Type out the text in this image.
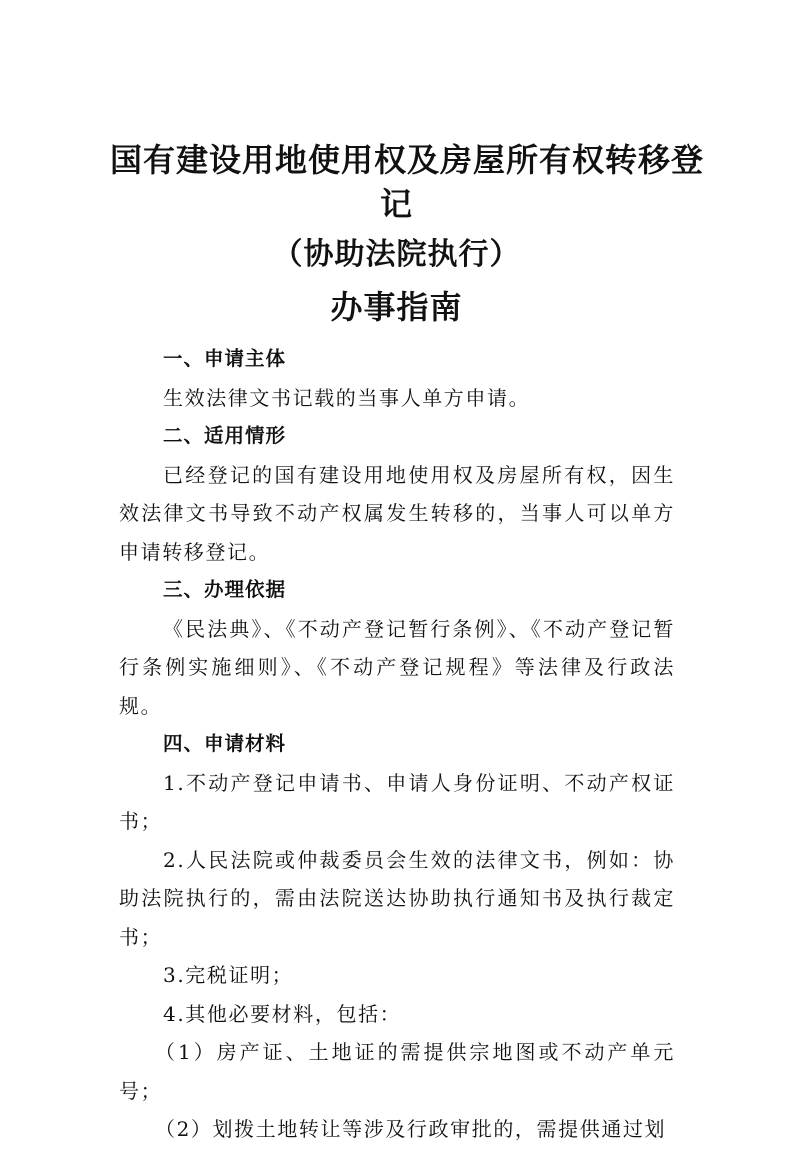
国有建设用地使用权及房屋所有权转移登
记
（协助法院执行）
办事指南

一、申请主体

生效法律文书记载的当事人单方申请。

二、适用情形

已经登记的国有建设用地使用权及房屋所有权，因生效法律文书导致不动产权属发生转移的，当事人可以单方申请转移登记。

三、办理依据

《民法典》、《不动产登记暂行条例》、《不动产登记暂行条例实施细则》、《不动产登记规程》等法律及行政法规。

四、申请材料

1.不动产登记申请书、申请人身份证明、不动产权证书；

2.人民法院或仲裁委员会生效的法律文书，例如：协助法院执行的，需由法院送达协助执行通知书及执行裁定书；

3.完税证明；

4.其他必要材料，包括：

（1）房产证、土地证的需提供宗地图或不动产单元号；

（2）划拨土地转让等涉及行政审批的，需提供通过划
